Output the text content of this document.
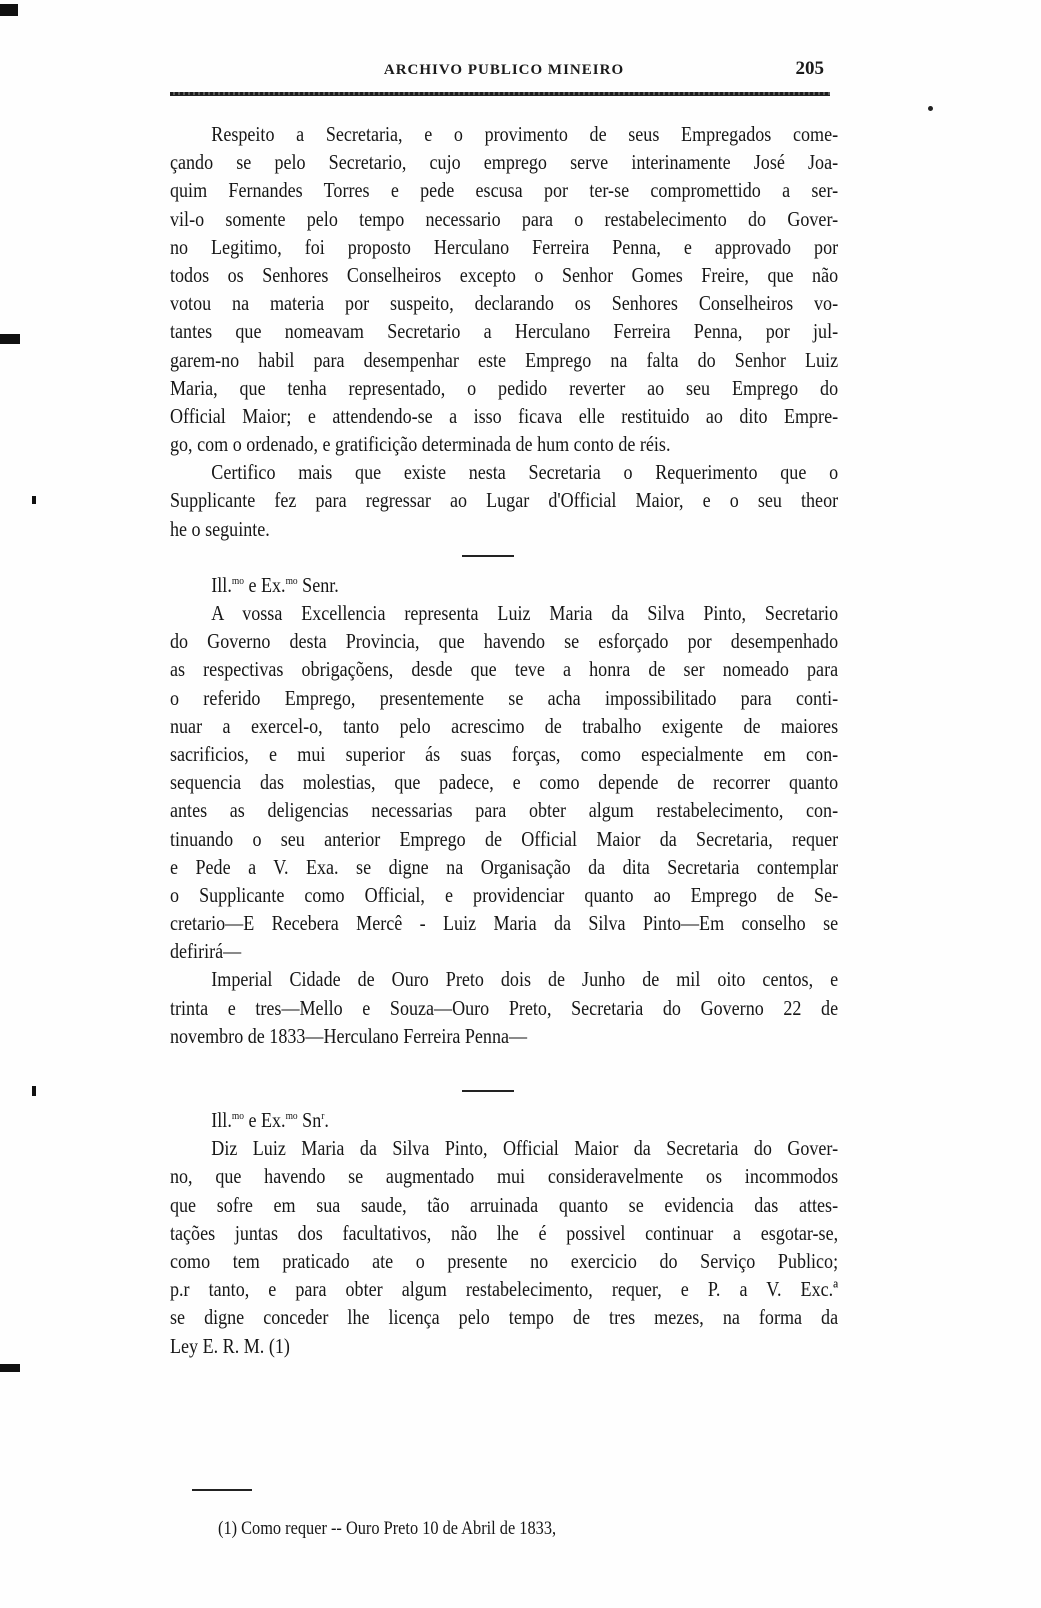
ARCHIVO PUBLICO MINEIRO	205
Respeito a Secretaria, e o provimento de seus Empregados come-
çando se pelo Secretario, cujo emprego serve interinamente José Joa-
quim Fernandes Torres e pede escusa por ter-se compromettido a ser-
vil-o somente pelo tempo necessario para o restabelecimento do Gover-
no Legitimo, foi proposto Herculano Ferreira Penna, e approvado por
todos os Senhores Conselheiros excepto o Senhor Gomes Freire, que não
votou na materia por suspeito, declarando os Senhores Conselheiros vo-
tantes que nomeavam Secretario a Herculano Ferreira Penna, por jul-
garem-no habil para desempenhar este Emprego na falta do Senhor Luiz
Maria, que tenha representado, o pedido reverter ao seu Emprego do
Official Maior; e attendendo-se a isso ficava elle restituido ao dito Empre-
go, com o ordenado, e gratificição determinada de hum conto de réis.
Certifico mais que existe nesta Secretaria o Requerimento que o
Supplicante fez para regressar ao Lugar d'Official Maior, e o seu theor
he o seguinte.
Ill.$^{mo}$ e Ex.$^{mo}$ Senr.
A vossa Excellencia representa Luiz Maria da Silva Pinto, Secretario
do Governo desta Provincia, que havendo se esforçado por desempenhado
as respectivas obrigaçõens, desde que teve a honra de ser nomeado para
o referido Emprego, presentemente se acha impossibilitado para conti-
nuar a exercel-o, tanto pelo acrescimo de trabalho exigente de maiores
sacrificios, e mui superior ás suas forças, como especialmente em con-
sequencia das molestias, que padece, e como depende de recorrer quanto
antes as deligencias necessarias para obter algum restabelecimento, con-
tinuando o seu anterior Emprego de Official Maior da Secretaria, requer
e Pede a V. Exa. se digne na Organisação da dita Secretaria contemplar
o Supplicante como Official, e providenciar quanto ao Emprego de Se-
cretario—E Recebera Mercê - Luiz Maria da Silva Pinto—Em conselho se
defirirá—
Imperial Cidade de Ouro Preto dois de Junho de mil oito centos, e
trinta e tres—Mello e Souza—Ouro Preto, Secretaria do Governo 22 de
novembro de 1833—Herculano Ferreira Penna—
Ill.$^{mo}$ e Ex.$^{mo}$ Sn$^r$.
Diz Luiz Maria da Silva Pinto, Official Maior da Secretaria do Gover-
no, que havendo se augmentado mui consideravelmente os incommodos
que sofre em sua saude, tão arruinada quanto se evidencia das attes-
tações juntas dos facultativos, não lhe é possivel continuar a esgotar-se,
como tem praticado ate o presente no exercicio do Serviço Publico;
p.r tanto, e para obter algum restabelecimento, requer, e P. a V. Exc.ª
se digne conceder lhe licença pelo tempo de tres mezes, na forma da
Ley E. R. M. (1)
(1) Como requer -- Ouro Preto 10 de Abril de 1833,
